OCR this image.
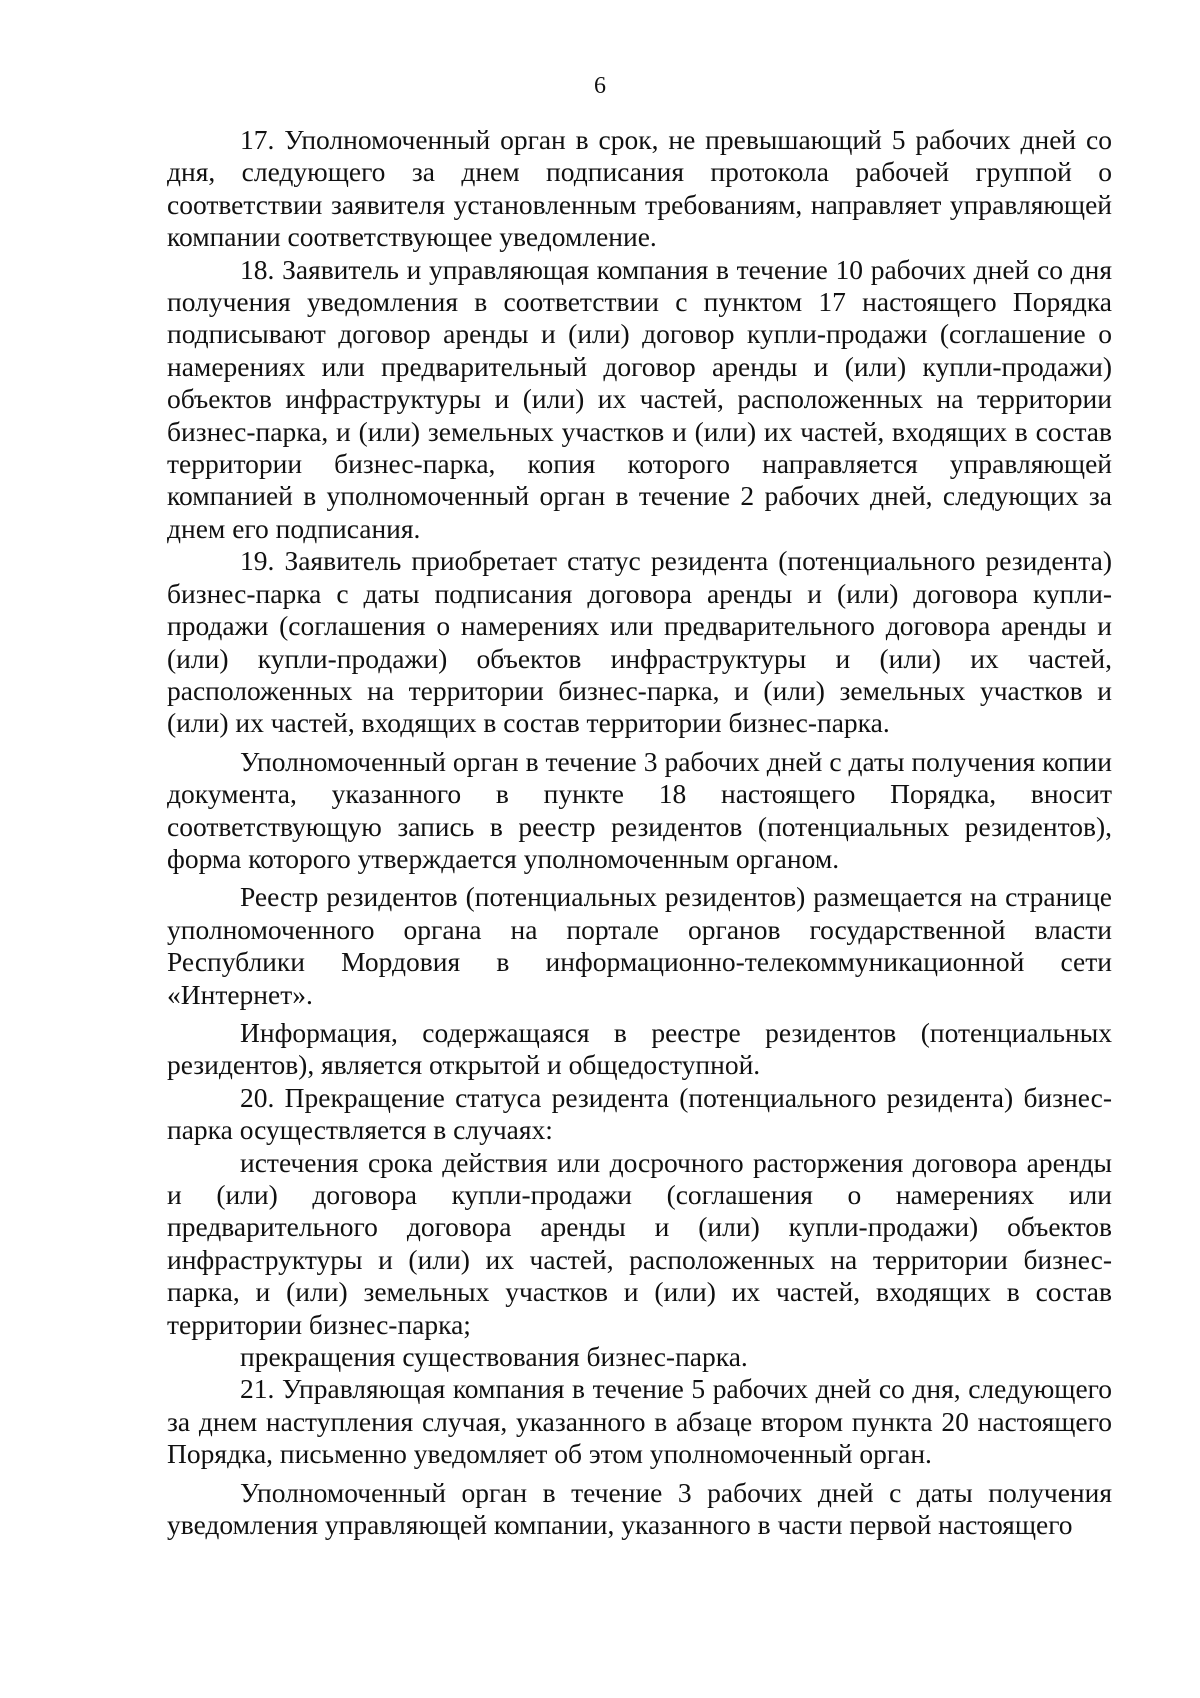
6

17. Уполномоченный орган в срок, не превышающий 5 рабочих дней со дня, следующего за днем подписания протокола рабочей группой о соответствии заявителя установленным требованиям, направляет управляющей компании соответствующее уведомление.

18. Заявитель и управляющая компания в течение 10 рабочих дней со дня получения уведомления в соответствии с пунктом 17 настоящего Порядка подписывают договор аренды и (или) договор купли-продажи (соглашение о намерениях или предварительный договор аренды и (или) купли-продажи) объектов инфраструктуры и (или) их частей, расположенных на территории бизнес-парка, и (или) земельных участков и (или) их частей, входящих в состав территории бизнес-парка, копия которого направляется управляющей компанией в уполномоченный орган в течение 2 рабочих дней, следующих за днем его подписания.

19. Заявитель приобретает статус резидента (потенциального резидента) бизнес-парка с даты подписания договора аренды и (или) договора купли-продажи (соглашения о намерениях или предварительного договора аренды и (или) купли-продажи) объектов инфраструктуры и (или) их частей, расположенных на территории бизнес-парка, и (или) земельных участков и (или) их частей, входящих в состав территории бизнес-парка.

Уполномоченный орган в течение 3 рабочих дней с даты получения копии документа, указанного в пункте 18 настоящего Порядка, вносит соответствующую запись в реестр резидентов (потенциальных резидентов), форма которого утверждается уполномоченным органом.

Реестр резидентов (потенциальных резидентов) размещается на странице уполномоченного органа на портале органов государственной власти Республики Мордовия в информационно-телекоммуникационной сети «Интернет».

Информация, содержащаяся в реестре резидентов (потенциальных резидентов), является открытой и общедоступной.

20. Прекращение статуса резидента (потенциального резидента) бизнес-парка осуществляется в случаях:

истечения срока действия или досрочного расторжения договора аренды и (или) договора купли-продажи (соглашения о намерениях или предварительного договора аренды и (или) купли-продажи) объектов инфраструктуры и (или) их частей, расположенных на территории бизнес-парка, и (или) земельных участков и (или) их частей, входящих в состав территории бизнес-парка;

прекращения существования бизнес-парка.

21. Управляющая компания в течение 5 рабочих дней со дня, следующего за днем наступления случая, указанного в абзаце втором пункта 20 настоящего Порядка, письменно уведомляет об этом уполномоченный орган.

Уполномоченный орган в течение 3 рабочих дней с даты получения уведомления управляющей компании, указанного в части первой настоящего
